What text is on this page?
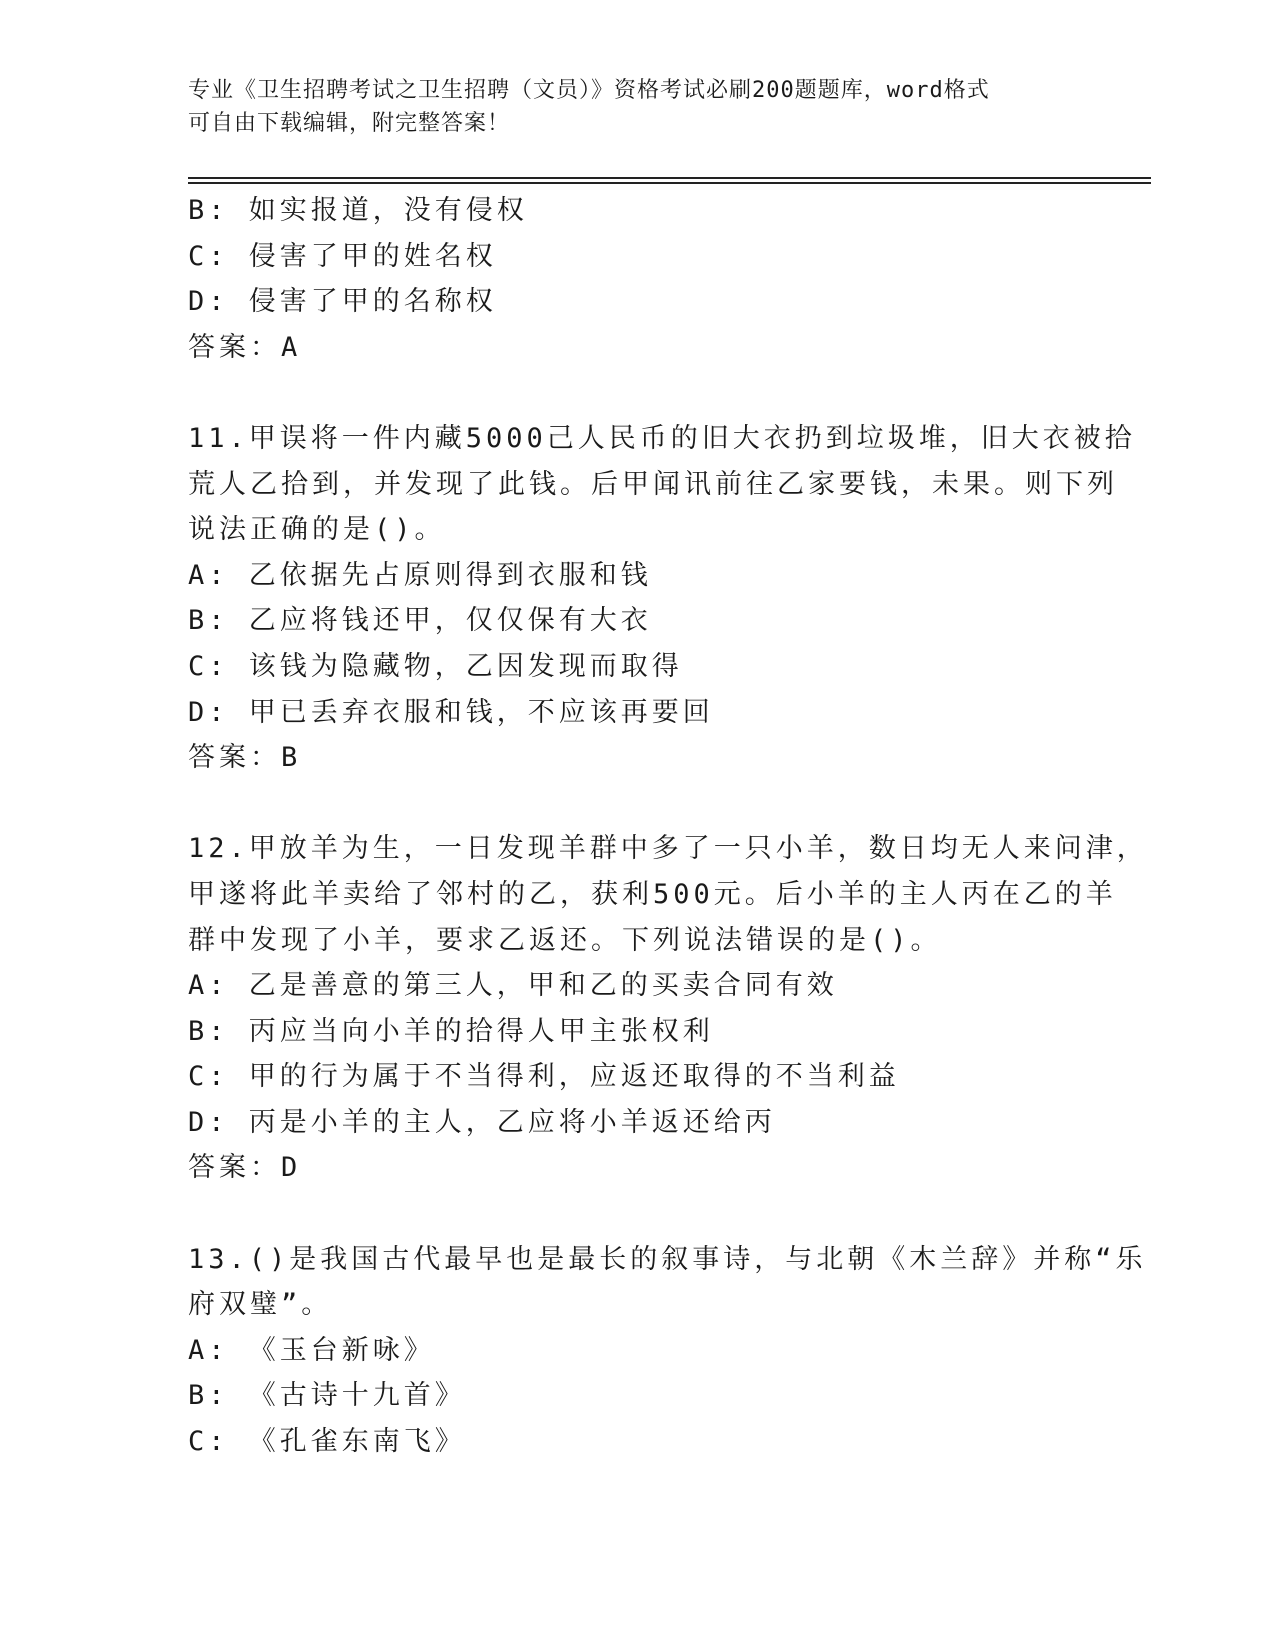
专业《卫生招聘考试之卫生招聘（文员）》资格考试必刷200题题库，word格式
可自由下载编辑，附完整答案！
B: 如实报道，没有侵权
C: 侵害了甲的姓名权
D: 侵害了甲的名称权
答案：A
11.甲误将一件内藏5000己人民币的旧大衣扔到垃圾堆，旧大衣被拾
荒人乙拾到，并发现了此钱。后甲闻讯前往乙家要钱，未果。则下列
说法正确的是()。
A: 乙依据先占原则得到衣服和钱
B: 乙应将钱还甲，仅仅保有大衣
C: 该钱为隐藏物，乙因发现而取得
D: 甲已丢弃衣服和钱，不应该再要回
答案：B
12.甲放羊为生，一日发现羊群中多了一只小羊，数日均无人来问津，
甲遂将此羊卖给了邻村的乙，获利500元。后小羊的主人丙在乙的羊
群中发现了小羊，要求乙返还。下列说法错误的是()。
A: 乙是善意的第三人，甲和乙的买卖合同有效
B: 丙应当向小羊的拾得人甲主张权利
C: 甲的行为属于不当得利，应返还取得的不当利益
D: 丙是小羊的主人，乙应将小羊返还给丙
答案：D
13.()是我国古代最早也是最长的叙事诗，与北朝《木兰辞》并称“乐
府双璧”。
A: 《玉台新咏》
B: 《古诗十九首》
C: 《孔雀东南飞》
